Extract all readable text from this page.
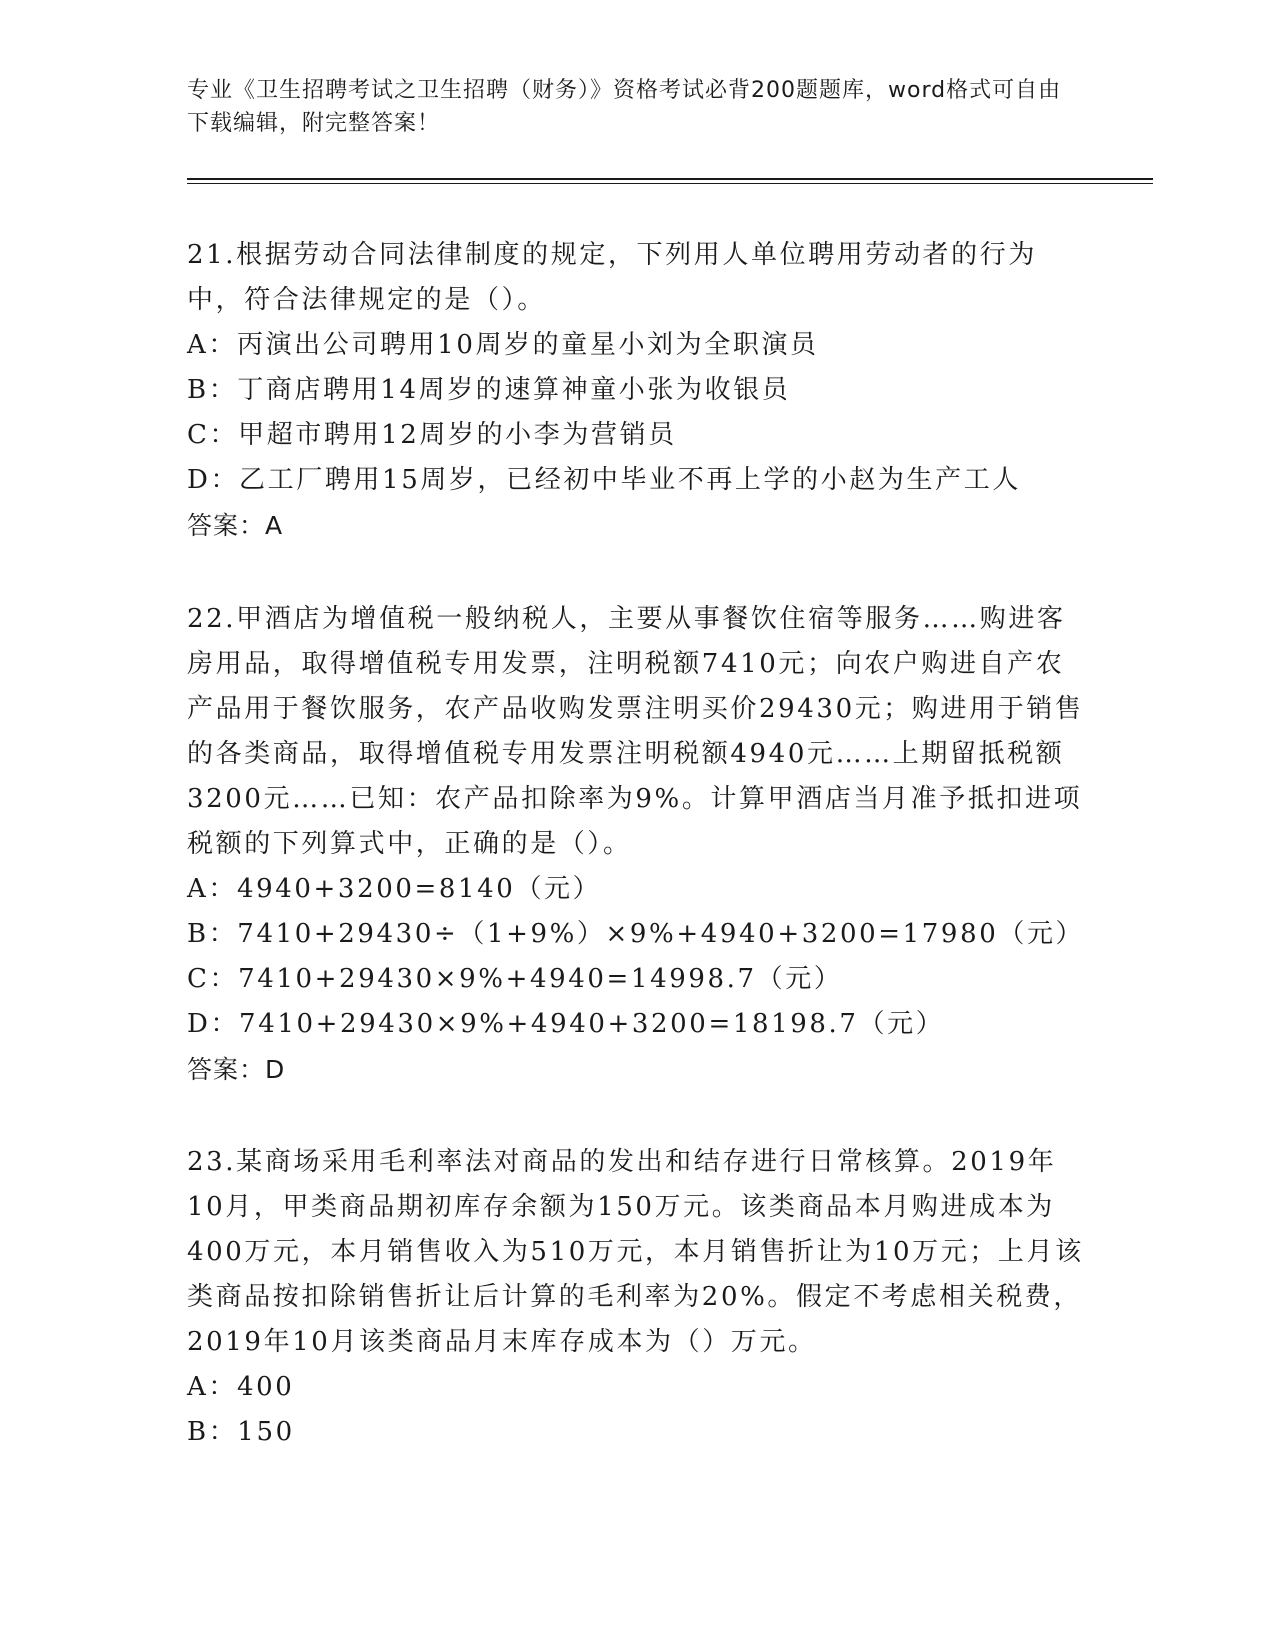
专业《卫生招聘考试之卫生招聘（财务）》资格考试必背200题题库，word格式可自由下载编辑，附完整答案！
21.根据劳动合同法律制度的规定，下列用人单位聘用劳动者的行为中，符合法律规定的是（）。
A：丙演出公司聘用10周岁的童星小刘为全职演员
B：丁商店聘用14周岁的速算神童小张为收银员
C：甲超市聘用12周岁的小李为营销员
D：乙工厂聘用15周岁，已经初中毕业不再上学的小赵为生产工人
答案：A
22.甲酒店为增值税一般纳税人，主要从事餐饮住宿等服务……购进客房用品，取得增值税专用发票，注明税额7410元；向农户购进自产农产品用于餐饮服务，农产品收购发票注明买价29430元；购进用于销售的各类商品，取得增值税专用发票注明税额4940元……上期留抵税额3200元……已知：农产品扣除率为9%。计算甲酒店当月准予抵扣进项税额的下列算式中，正确的是（）。
A：4940+3200=8140（元）
B：7410+29430÷（1+9%）×9%+4940+3200=17980（元）
C：7410+29430×9%+4940=14998.7（元）
D：7410+29430×9%+4940+3200=18198.7（元）
答案：D
23.某商场采用毛利率法对商品的发出和结存进行日常核算。2019年10月，甲类商品期初库存余额为150万元。该类商品本月购进成本为400万元，本月销售收入为510万元，本月销售折让为10万元；上月该类商品按扣除销售折让后计算的毛利率为20%。假定不考虑相关税费，2019年10月该类商品月末库存成本为（）万元。
A：400
B：150
